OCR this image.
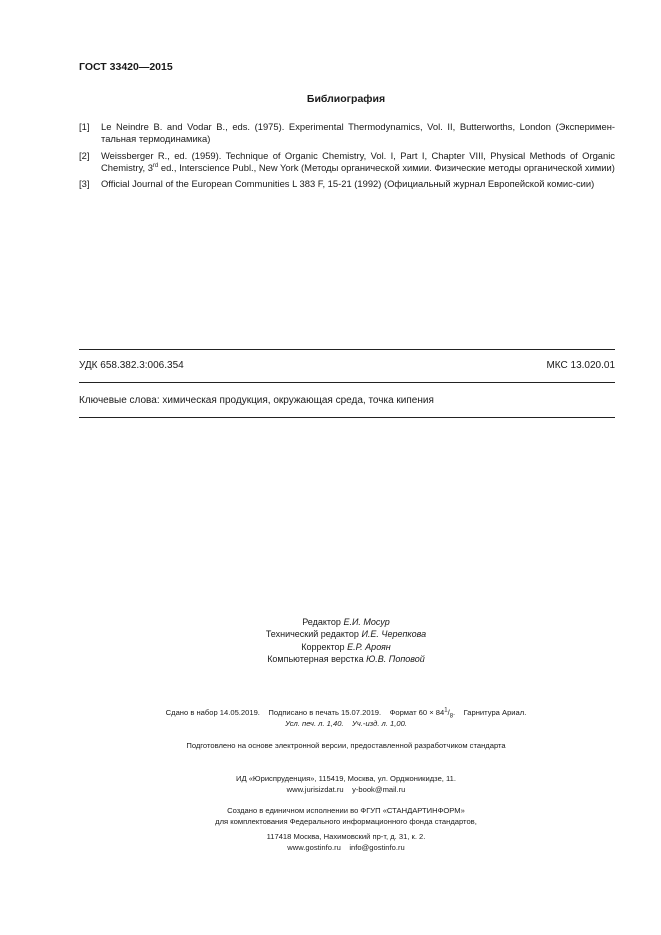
ГОСТ 33420—2015
Библиография
[1]	Le Neindre B. and Vodar B., eds. (1975). Experimental Thermodynamics, Vol. II, Butterworths, London (Эксперимен-тальная термодинамика)
[2]	Weissberger R., ed. (1959). Technique of Organic Chemistry, Vol. I, Part I, Chapter VIII, Physical Methods of Organic Chemistry, 3rd ed., Interscience Publ., New York (Методы органической химии. Физические методы органической химии)
[3]	Official Journal of the European Communities L 383 F, 15-21 (1992) (Официальный журнал Европейской комис-сии)
УДК 658.382.3:006.354	МКС 13.020.01
Ключевые слова: химическая продукция, окружающая среда, точка кипения
Редактор Е.И. Мосур
Технический редактор И.Е. Черепкова
Корректор Е.Р. Ароян
Компьютерная верстка Ю.В. Поповой
Сдано в набор 14.05.2019. Подписано в печать 15.07.2019. Формат $60 \times 84^1/_8$. Гарнитура Ариал.
Усл. печ. л. 1,40. Уч.-изд. л. 1,00.
Подготовлено на основе электронной версии, предоставленной разработчиком стандарта
ИД «Юриспруденция», 115419, Москва, ул. Орджоникидзе, 11.
www.jurisizdat.ru y-book@mail.ru
Создано в единичном исполнении во ФГУП «СТАНДАРТИНФОРМ»
для комплектования Федерального информационного фонда стандартов,
117418 Москва, Нахимовский пр-т, д. 31, к. 2.
www.gostinfo.ru info@gostinfo.ru
